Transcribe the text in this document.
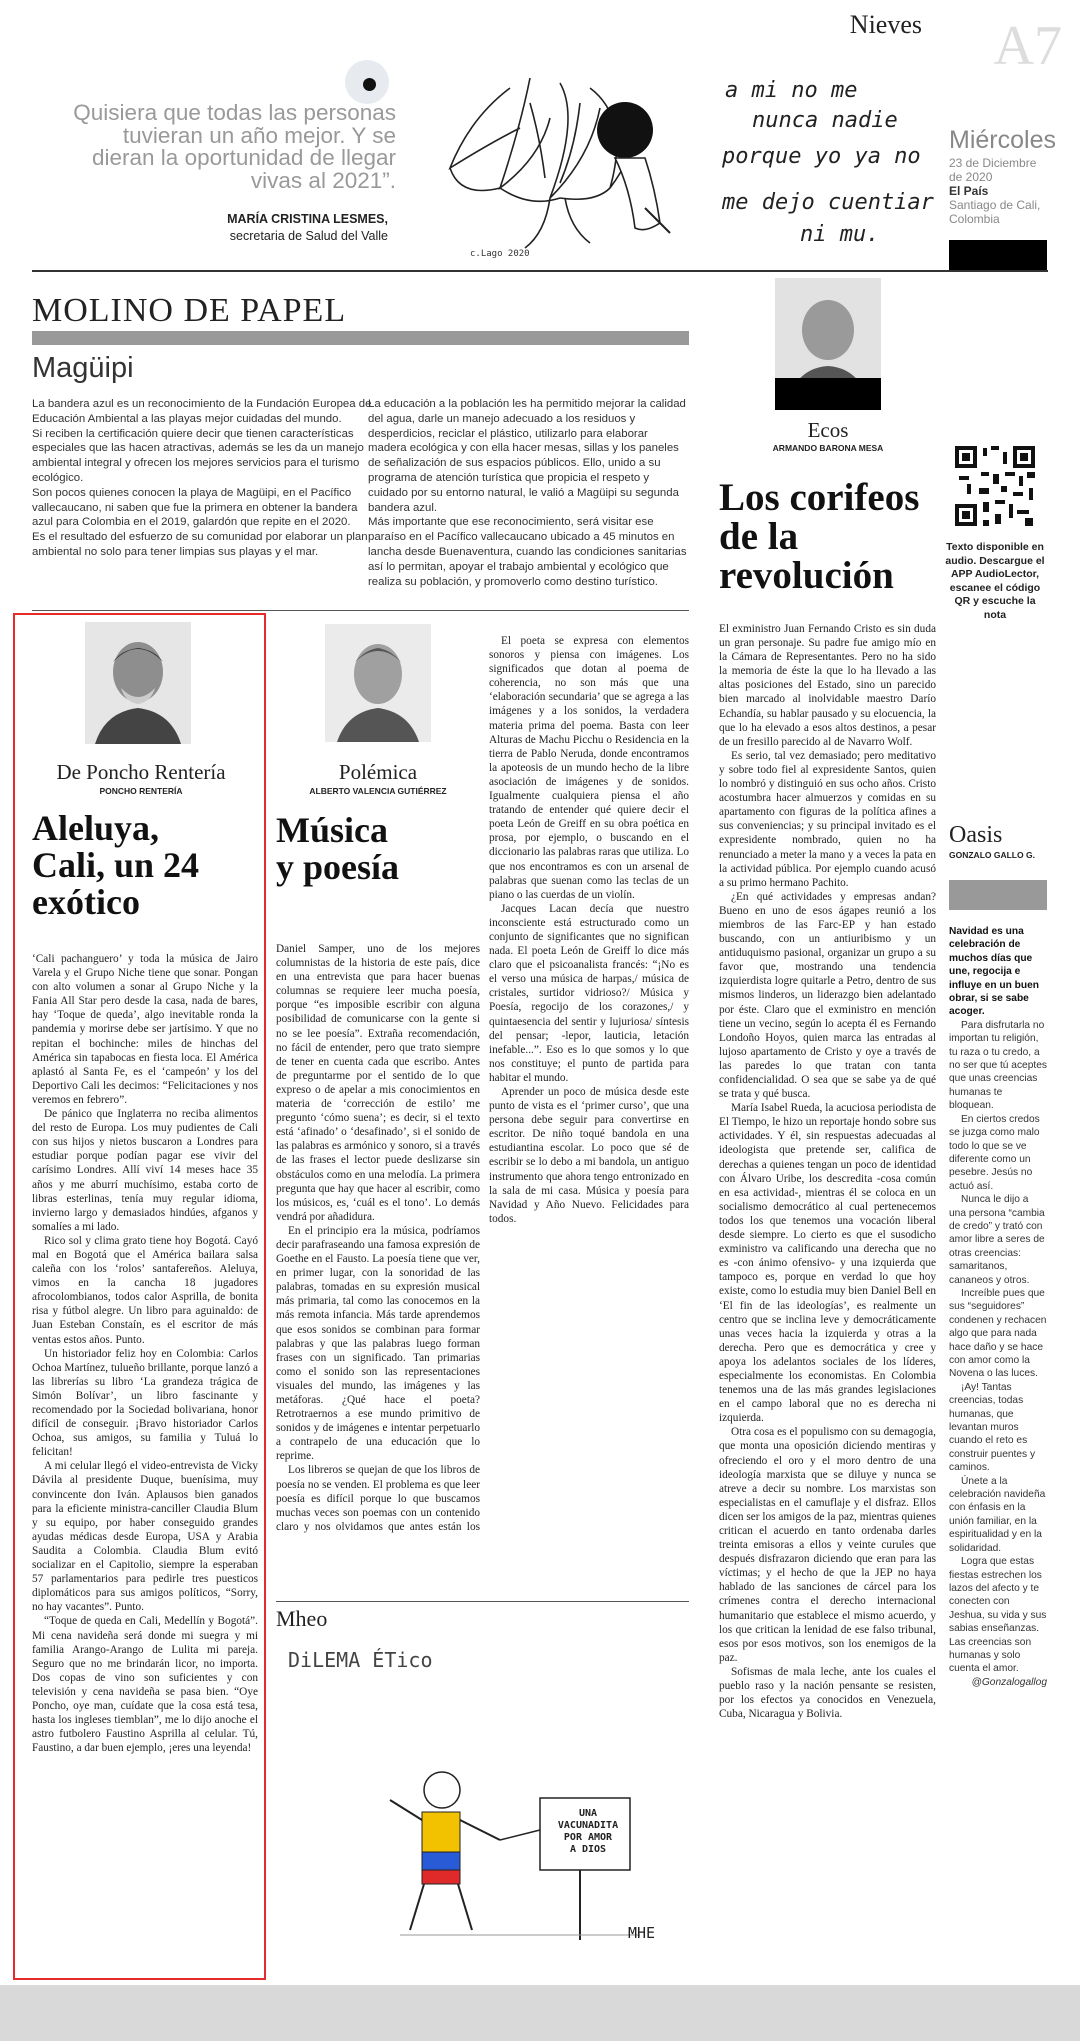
Nieves A7
Quisiera que todas las personas
tuvieran un año mejor. Y se
dieran la oportunidad de llegar
vivas al 2021”.
MARÍA CRISTINA LESMES,
secretaria de Salud del Valle
c.Lago 2020
a mi no me
nunca nadie
porque yo ya no
me dejo cuentiar
ni mu.
Miércoles
23 de Diciembre
de 2020
El País
Santiago de Cali,
Colombia
MOLINO DE PAPEL
Magüipi
La bandera azul es un reconocimiento de la Fundación Europea de Educación Ambiental a las playas mejor cuidadas del mundo.
Si reciben la certificación quiere decir que tienen características especiales que las hacen atractivas, además se les da un manejo ambiental integral y ofrecen los mejores servicios para el turismo ecológico.
Son pocos quienes conocen la playa de Magüipi, en el Pacífico vallecaucano, ni saben que fue la primera en obtener la bandera azul para Colombia en el 2019, galardón que repite en el 2020.
Es el resultado del esfuerzo de su comunidad por elaborar un plan ambiental no solo para tener limpias sus playas y el mar.
La educación a la población les ha permitido mejorar la calidad del agua, darle un manejo adecuado a los residuos y desperdicios, reciclar el plástico, utilizarlo para elaborar madera ecológica y con ella hacer mesas, sillas y los paneles de señalización de sus espacios públicos. Ello, unido a su programa de atención turística que propicia el respeto y cuidado por su entorno natural, le valió a Magüipi su segunda bandera azul.
Más importante que ese reconocimiento, será visitar ese paraíso en el Pacífico vallecaucano ubicado a 45 minutos en lancha desde Buenaventura, cuando las condiciones sanitarias así lo permitan, apoyar el trabajo ambiental y ecológico que realiza su población, y promoverlo como destino turístico.
Ecos
ARMANDO BARONA MESA
Los corifeos
de la
revolución

El exministro Juan Fernando Cristo es sin duda un gran personaje. Su padre fue amigo mío en la Cámara de Representantes. Pero no ha sido la memoria de éste la que lo ha llevado a las altas posiciones del Estado, sino un parecido bien marcado al inolvidable maestro Darío Echandía, su hablar pausado y su elocuencia, la que lo ha elevado a esos altos destinos, a pesar de un fresillo parecido al de Navarro Wolf.

Es serio, tal vez demasiado; pero meditativo y sobre todo fiel al expresidente Santos, quien lo nombró y distinguió en sus ocho años. Cristo acostumbra hacer almuerzos y comidas en su apartamento con figuras de la política afines a sus conveniencias; y su principal invitado es el expresidente nombrado, quien no ha renunciado a meter la mano y a veces la pata en la actividad pública. Por ejemplo cuando acusó a su primo hermano Pachito.

¿En qué actividades y empresas andan? Bueno en uno de esos ágapes reunió a los miembros de las Farc-EP y han estado buscando, con un antiuribismo y un antiduquismo pasional, organizar un grupo a su favor que, mostrando una tendencia izquierdista logre quitarle a Petro, dentro de sus mismos linderos, un liderazgo bien adelantado por éste. Claro que el exministro en mención tiene un vecino, según lo acepta él es Fernando Londoño Hoyos, quien marca las entradas al lujoso apartamento de Cristo y oye a través de las paredes lo que tratan con tanta confidencialidad. O sea que se sabe ya de qué se trata y qué busca.

María Isabel Rueda, la acuciosa periodista de El Tiempo, le hizo un reportaje hondo sobre sus actividades. Y él, sin respuestas adecuadas al ideologista que pretende ser, califica de derechas a quienes tengan un poco de identidad con Álvaro Uribe, los descredita -cosa común en esa actividad-, mientras él se coloca en un socialismo democrático al cual pertenecemos todos los que tenemos una vocación liberal desde siempre. Lo cierto es que el susodicho exministro va calificando una derecha que no es -con ánimo ofensivo- y una izquierda que tampoco es, porque en verdad lo que hoy existe, como lo estudia muy bien Daniel Bell en ‘El fin de las ideologías’, es realmente un centro que se inclina leve y democráticamente unas veces hacia la izquierda y otras a la derecha. Pero que es democrática y cree y apoya los adelantos sociales de los líderes, especialmente los economistas. En Colombia tenemos una de las más grandes legislaciones en el campo laboral que no es derecha ni izquierda.

Otra cosa es el populismo con su demagogia, que monta una oposición diciendo mentiras y ofreciendo el oro y el moro dentro de una ideología marxista que se diluye y nunca se atreve a decir su nombre. Los marxistas son especialistas en el camuflaje y el disfraz. Ellos dicen ser los amigos de la paz, mientras quienes critican el acuerdo en tanto ordenaba darles treinta emisoras a ellos y veinte curules que después disfrazaron diciendo que eran para las víctimas; y el hecho de que la JEP no haya hablado de las sanciones de cárcel para los crímenes contra el derecho internacional humanitario que establece el mismo acuerdo, y los que critican la lenidad de ese falso tribunal, esos por esos motivos, son los enemigos de la paz.

Sofismas de mala leche, ante los cuales el pueblo raso y la nación pensante se resisten, por los efectos ya conocidos en Venezuela, Cuba, Nicaragua y Bolivia.

Texto disponible en audio. Descargue el APP AudioLector, escanee el código QR y escuche la nota
De Poncho Rentería
PONCHO RENTERÍA
Aleluya,
Cali, un 24
exótico

‘Cali pachanguero’ y toda la música de Jairo Varela y el Grupo Niche tiene que sonar. Pongan con alto volumen a sonar al Grupo Niche y la Fania All Star pero desde la casa, nada de bares, hay ‘Toque de queda’, algo inevitable ronda la pandemia y morirse debe ser jartísimo. Y que no repitan el bochinche: miles de hinchas del América sin tapabocas en fiesta loca. El América aplastó al Santa Fe, es el ‘campeón’ y los del Deportivo Cali les decimos: “Felicitaciones y nos veremos en febrero”.

De pánico que Inglaterra no reciba alimentos del resto de Europa. Los muy pudientes de Cali con sus hijos y nietos buscaron a Londres para estudiar porque podían pagar ese vivir del carísimo Londres. Allí viví 14 meses hace 35 años y me aburrí muchísimo, estaba corto de libras esterlinas, tenía muy regular idioma, invierno largo y demasiados hindúes, afganos y somalíes a mi lado.

Rico sol y clima grato tiene hoy Bogotá. Cayó mal en Bogotá que el América bailara salsa caleña con los ‘rolos’ santafereños. Aleluya, vimos en la cancha 18 jugadores afrocolombianos, todos calor Asprilla, de bonita risa y fútbol alegre. Un libro para aguinaldo: de Juan Esteban Constaín, es el escritor de más ventas estos años. Punto.

Un historiador feliz hoy en Colombia: Carlos Ochoa Martínez, tulueño brillante, porque lanzó a las librerías su libro ‘La grandeza trágica de Simón Bolívar’, un libro fascinante y recomendado por la Sociedad bolivariana, honor difícil de conseguir. ¡Bravo historiador Carlos Ochoa, sus amigos, su familia y Tuluá lo felicitan!

A mi celular llegó el video-entrevista de Vicky Dávila al presidente Duque, buenísima, muy convincente don Iván. Aplausos bien ganados para la eficiente ministra-canciller Claudia Blum y su equipo, por haber conseguido grandes ayudas médicas desde Europa, USA y Arabia Saudita a Colombia. Claudia Blum evitó socializar en el Capitolio, siempre la esperaban 57 parlamentarios para pedirle tres puesticos diplomáticos para sus amigos políticos, “Sorry, no hay vacantes”. Punto.

“Toque de queda en Cali, Medellín y Bogotá”. Mi cena navideña será donde mi suegra y mi familia Arango-Arango de Lulita mi pareja. Seguro que no me brindarán licor, no importa. Dos copas de vino son suficientes y con televisión y cena navideña se pasa bien. “Oye Poncho, oye man, cuídate que la cosa está tesa, hasta los ingleses tiemblan”, me lo dijo anoche el astro futbolero Faustino Asprilla al celular. Tú, Faustino, a dar buen ejemplo, ¡eres una leyenda!

Polémica
ALBERTO VALENCIA GUTIÉRREZ
Música
y poesía

Daniel Samper, uno de los mejores columnistas de la historia de este país, dice en una entrevista que para hacer buenas columnas se requiere leer mucha poesía, porque “es imposible escribir con alguna posibilidad de comunicarse con la gente si no se lee poesía”. Extraña recomendación, no fácil de entender, pero que trato siempre de tener en cuenta cada que escribo. Antes de preguntarme por el sentido de lo que expreso o de apelar a mis conocimientos en materia de ‘corrección de estilo’ me pregunto ‘cómo suena’; es decir, si el texto está ‘afinado’ o ‘desafinado’, si el sonido de las palabras es armónico y sonoro, si a través de las frases el lector puede deslizarse sin obstáculos como en una melodía. La primera pregunta que hay que hacer al escribir, como los músicos, es, ‘cuál es el tono’. Lo demás vendrá por añadidura.

En el principio era la música, podríamos decir parafraseando una famosa expresión de Goethe en el Fausto. La poesía tiene que ver, en primer lugar, con la sonoridad de las palabras, tomadas en su expresión musical más primaria, tal como las conocemos en la más remota infancia. Más tarde aprendemos que esos sonidos se combinan para formar palabras y que las palabras luego forman frases con un significado. Tan primarias como el sonido son las representaciones visuales del mundo, las imágenes y las metáforas. ¿Qué hace el poeta? Retrotraernos a ese mundo primitivo de sonidos y de imágenes e intentar perpetuarlo a contrapelo de una educación que lo reprime.

Los libreros se quejan de que los libros de poesía no se venden. El problema es que leer poesía es difícil porque lo que buscamos muchas veces son poemas con un contenido claro y nos olvidamos que antes están los

El poeta se expresa con elementos sonoros y piensa con imágenes. Los significados que dotan al poema de coherencia, no son más que una ‘elaboración secundaria’ que se agrega a las imágenes y a los sonidos, la verdadera materia prima del poema. Basta con leer Alturas de Machu Picchu o Residencia en la tierra de Pablo Neruda, donde encontramos la apoteosis de un mundo hecho de la libre asociación de imágenes y de sonidos. Igualmente cualquiera piensa el año tratando de entender qué quiere decir el poeta León de Greiff en su obra poética en prosa, por ejemplo, o buscando en el diccionario las palabras raras que utiliza. Lo que nos encontramos es con un arsenal de palabras que suenan como las teclas de un piano o las cuerdas de un violín.

Jacques Lacan decía que nuestro inconsciente está estructurado como un conjunto de significantes que no significan nada. El poeta León de Greiff lo dice más claro que el psicoanalista francés: “¡No es el verso una música de harpas,/ música de cristales, surtidor vidrioso?/ Música y Poesía, regocijo de los corazones,/ y quintaesencia del sentir y lujuriosa/ síntesis del pensar; -lepor, lauticia, letación inefable...”. Eso es lo que somos y lo que nos constituye; el punto de partida para habitar el mundo.

Aprender un poco de música desde este punto de vista es el ‘primer curso’, que una persona debe seguir para convertirse en escritor. De niño toqué bandola en una estudiantina escolar. Lo poco que sé de escribir se lo debo a mi bandola, un antiguo instrumento que ahora tengo entronizado en la sala de mi casa. Música y poesía para Navidad y Año Nuevo. Felicidades para todos.

Mheo
DiLEMA ÉTico
UNA
VACUNADITA
POR AMOR
A DIOS
MHE
Oasis
GONZALO GALLO G.
Navidad es una celebración de muchos días que une, regocija e influye en un buen obrar, si se sabe acoger.

Para disfrutarla no importan tu religión, tu raza o tu credo, a no ser que tú aceptes que unas creencias humanas te bloquean.

En ciertos credos se juzga como malo todo lo que se ve diferente como un pesebre. Jesús no actuó así.

Nunca le dijo a una persona “cambia de credo” y trató con amor libre a seres de otras creencias: samaritanos, cananeos y otros.

Increíble pues que sus “seguidores” condenen y rechacen algo que para nada hace daño y se hace con amor como la Novena o las luces.

¡Ay! Tantas creencias, todas humanas, que levantan muros cuando el reto es construir puentes y caminos.

Únete a la celebración navideña con énfasis en la unión familiar, en la espiritualidad y en la solidaridad.

Logra que estas fiestas estrechen los lazos del afecto y te conecten con Jeshua, su vida y sus sabias enseñanzas. Las creencias son humanas y solo cuenta el amor.

@Gonzalogallog
